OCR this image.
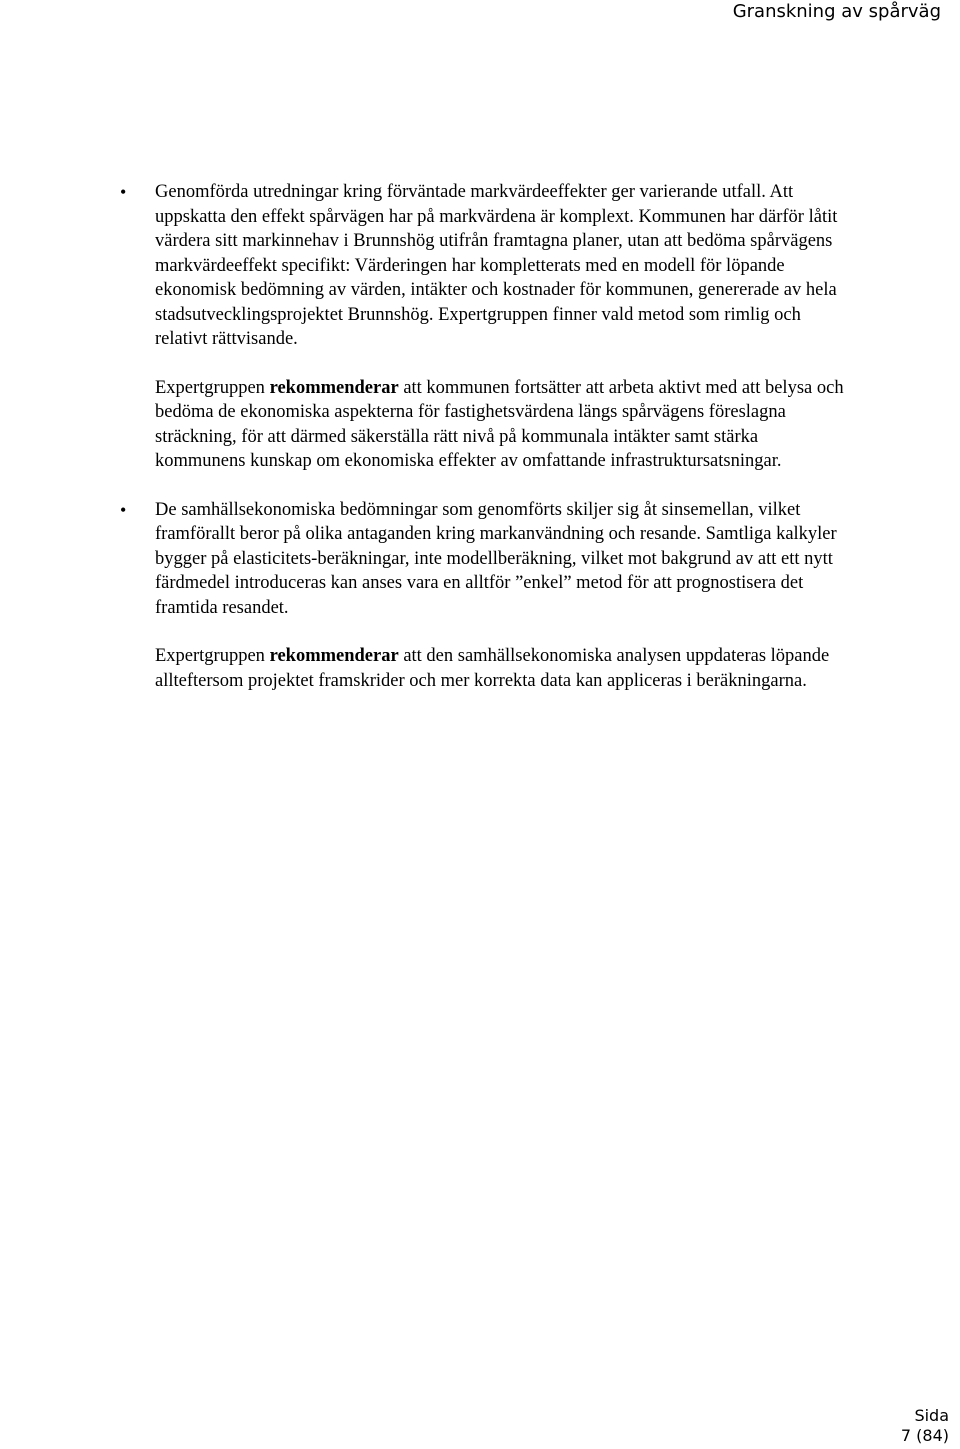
Granskning av spårväg
• Genomförda utredningar kring förväntade markvärdeeffekter ger varierande utfall. Att uppskatta den effekt spårvägen har på markvärdena är komplext. Kommunen har därför låtit värdera sitt markinnehav i Brunnshög utifrån framtagna planer, utan att bedöma spårvägens markvärdeeffekt specifikt: Värderingen har kompletterats med en modell för löpande ekonomisk bedömning av värden, intäkter och kostnader för kommunen, genererade av hela stadsutvecklingsprojektet Brunnshög. Expertgruppen finner vald metod som rimlig och relativt rättvisande.

Expertgruppen rekommenderar att kommunen fortsätter att arbeta aktivt med att belysa och bedöma de ekonomiska aspekterna för fastighetsvärdena längs spårvägens föreslagna sträckning, för att därmed säkerställa rätt nivå på kommunala intäkter samt stärka kommunens kunskap om ekonomiska effekter av omfattande infrastruktursatsningar.

• De samhällsekonomiska bedömningar som genomförts skiljer sig åt sinsemellan, vilket framförallt beror på olika antaganden kring markanvändning och resande. Samtliga kalkyler bygger på elasticitets-beräkningar, inte modellberäkning, vilket mot bakgrund av att ett nytt färdmedel introduceras kan anses vara en alltför ”enkel” metod för att prognostisera det framtida resandet.

Expertgruppen rekommenderar att den samhällsekonomiska analysen uppdateras löpande allteftersom projektet framskrider och mer korrekta data kan appliceras i beräkningarna.

Sida
7 (84)
